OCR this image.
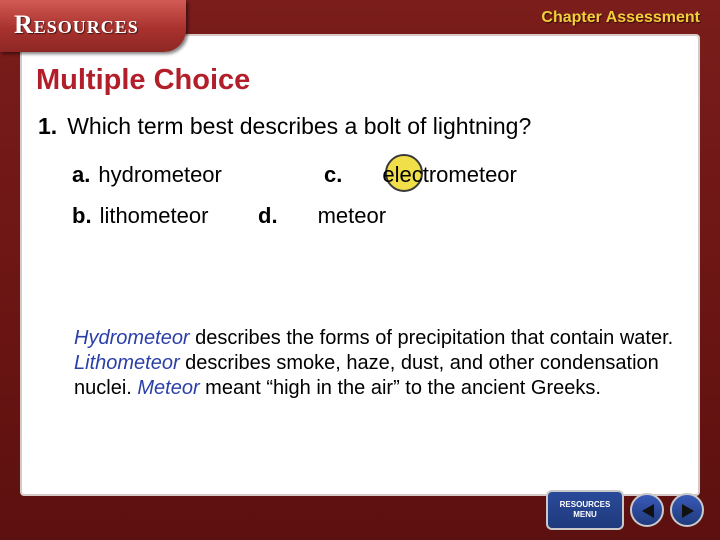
Resources	Chapter Assessment
Multiple Choice
1. Which term best describes a bolt of lightning?
a. hydrometeor
b. lithometeor
c. electrometeor
d. meteor
Hydrometeor describes the forms of precipitation that contain water. Lithometeor describes smoke, haze, dust, and other condensation nuclei. Meteor meant “high in the air” to the ancient Greeks.
RESOURCES
MENU
